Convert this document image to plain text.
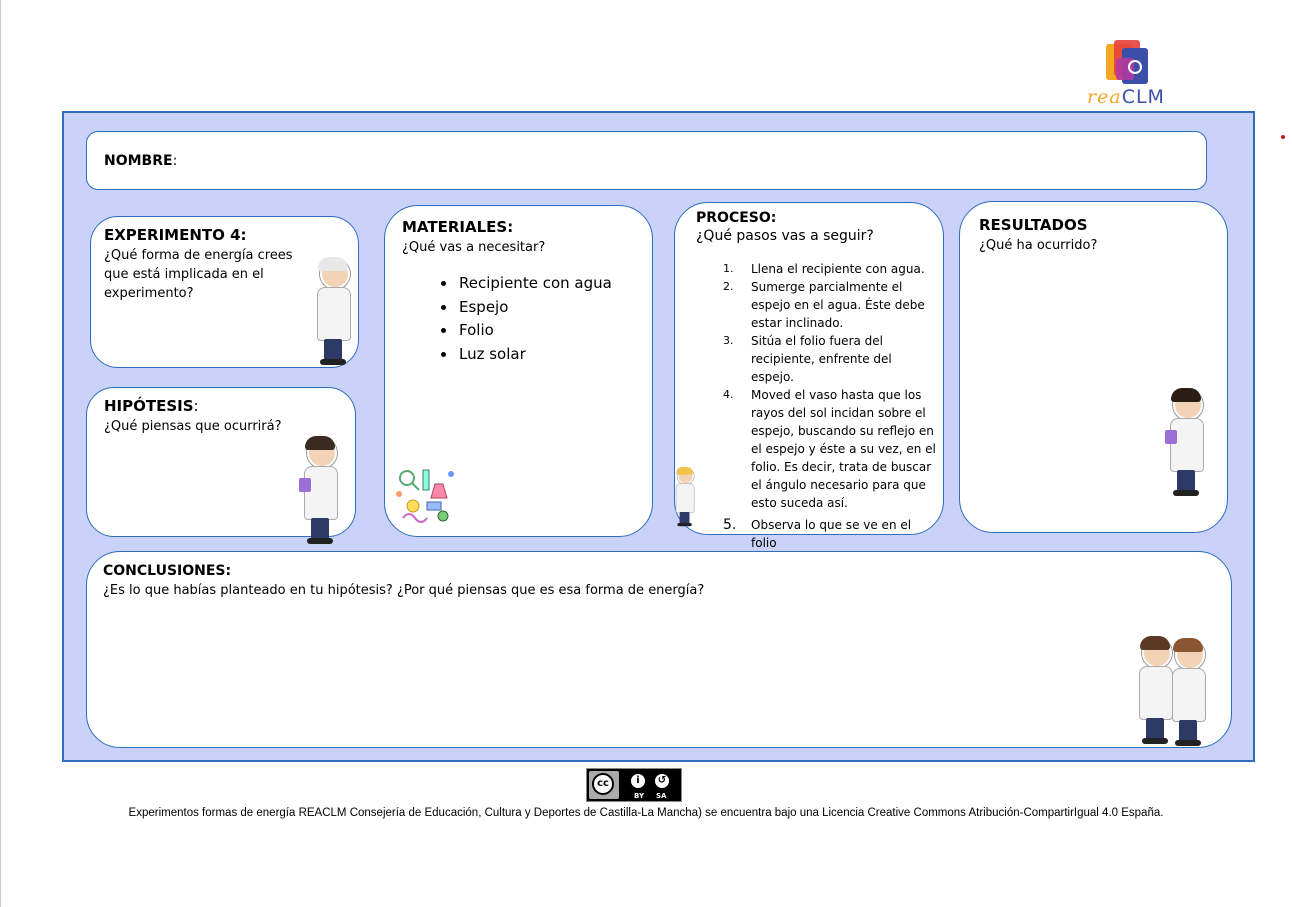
reaCLM
NOMBRE:
EXPERIMENTO 4:
¿Qué forma de energía crees que está implicada en el experimento?
HIPÓTESIS:
¿Qué piensas que ocurrirá?
MATERIALES:
¿Qué vas a necesitar?
• Recipiente con agua
• Espejo
• Folio
• Luz solar
PROCESO:
¿Qué pasos vas a seguir?
1. Llena el recipiente con agua.
2. Sumerge parcialmente el espejo en el agua. Éste debe estar inclinado.
3. Sitúa el folio fuera del recipiente, enfrente del espejo.
4. Moved el vaso hasta que los rayos del sol incidan sobre el espejo, buscando su reflejo en el espejo y éste a su vez, en el folio. Es decir, trata de buscar el ángulo necesario para que esto suceda así.
5. Observa lo que se ve en el folio
RESULTADOS
¿Qué ha ocurrido?
CONCLUSIONES:
¿Es lo que habías planteado en tu hipótesis? ¿Por qué piensas que es esa forma de energía?
cc	i	↺
BY SA
Experimentos formas de energía REACLM Consejería de Educación, Cultura y Deportes de Castilla-La Mancha) se encuentra bajo una Licencia Creative Commons Atribución-CompartirIgual 4.0 España.
